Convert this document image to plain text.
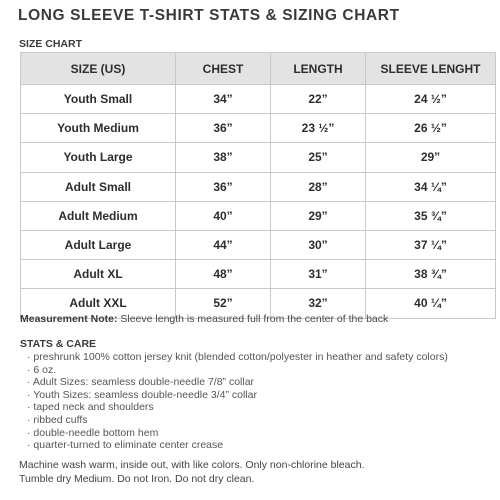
LONG SLEEVE T-SHIRT STATS & SIZING CHART
SIZE CHART
SIZE (US)	CHEST	LENGTH	SLEEVE LENGHT
Youth Small	34”	22”	24 ½”
Youth Medium	36”	23 ½”	26 ½”
Youth Large	38”	25”	29”
Adult Small	36”	28”	34 ¼”
Adult Medium	40”	29”	35 ¾”
Adult Large	44”	30”	37 ¼”
Adult XL	48”	31”	38 ¾”
Adult XXL	52”	32”	40 ¼”
Measurement Note: Sleeve length is measured full from the center of the back
STATS & CARE
· preshrunk 100% cotton jersey knit (blended cotton/polyester in heather and safety colors)
· 6 oz.
· Adult Sizes: seamless double-needle 7/8” collar
· Youth Sizes: seamless double-needle 3/4” collar
· taped neck and shoulders
· ribbed cuffs
· double-needle bottom hem
· quarter-turned to eliminate center crease
Machine wash warm, inside out, with like colors. Only non-chlorine bleach.
Tumble dry Medium. Do not Iron. Do not dry clean.
